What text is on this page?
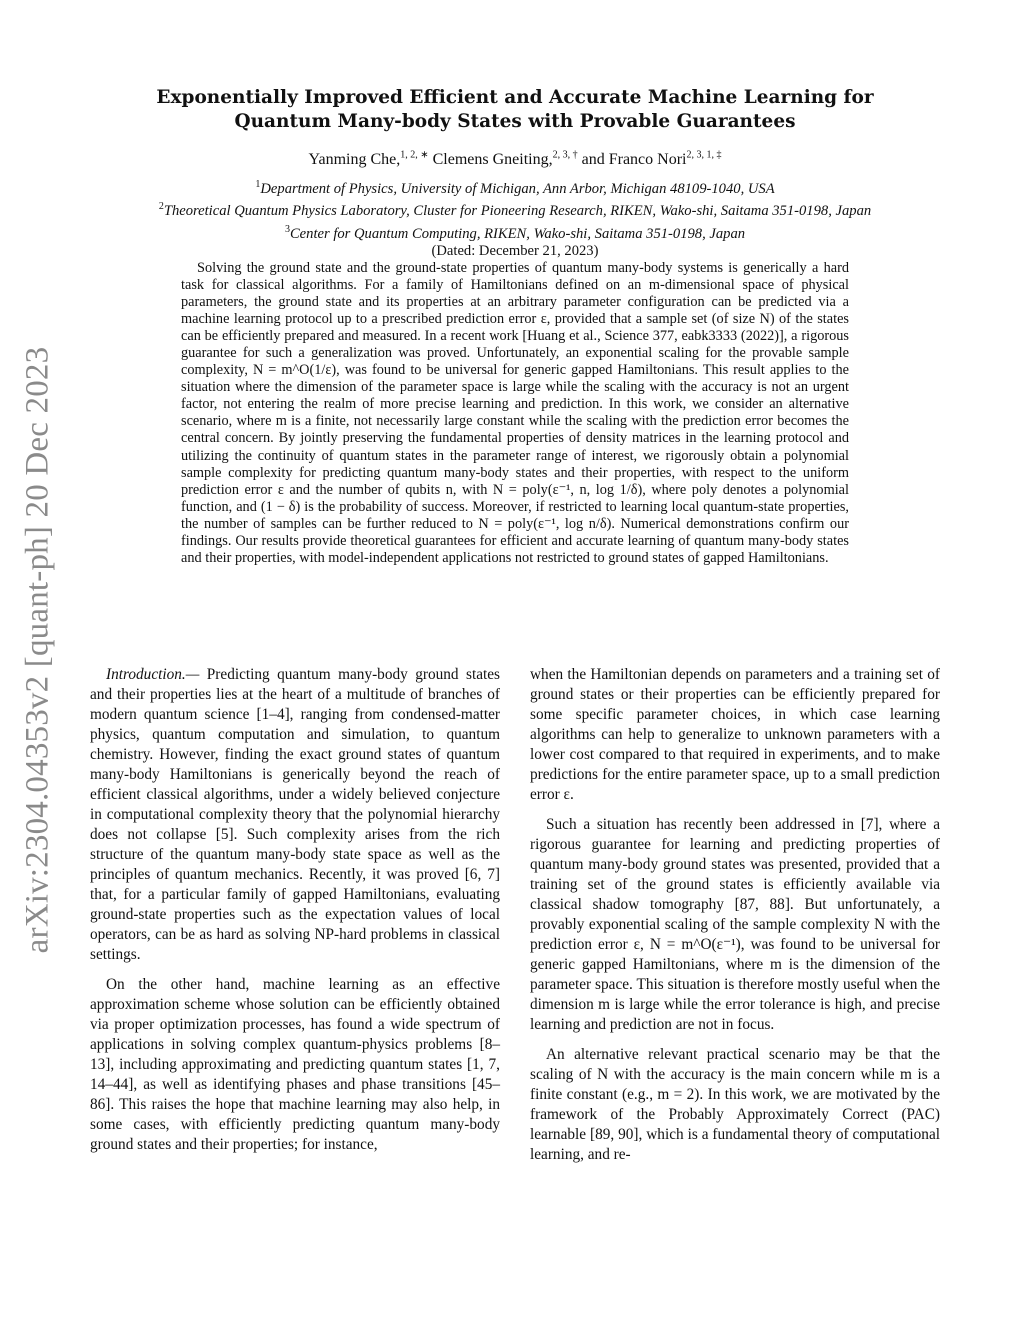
arXiv:2304.04353v2 [quant-ph] 20 Dec 2023
Exponentially Improved Efficient and Accurate Machine Learning for Quantum Many-body States with Provable Guarantees
Yanming Che,$^{1, 2, ∗}$ Clemens Gneiting,$^{2, 3, \dagger}$ and Franco Nori$^{2, 3, 1, \ddagger}$
$^1$Department of Physics, University of Michigan, Ann Arbor, Michigan 48109-1040, USA
$^2$Theoretical Quantum Physics Laboratory, Cluster for Pioneering Research, RIKEN, Wako-shi, Saitama 351-0198, Japan
$^3$Center for Quantum Computing, RIKEN, Wako-shi, Saitama 351-0198, Japan
(Dated: December 21, 2023)
Solving the ground state and the ground-state properties of quantum many-body systems is generically a hard task for classical algorithms. For a family of Hamiltonians defined on an m-dimensional space of physical parameters, the ground state and its properties at an arbitrary parameter configuration can be predicted via a machine learning protocol up to a prescribed prediction error ε, provided that a sample set (of size N) of the states can be efficiently prepared and measured. In a recent work [Huang et al., Science 377, eabk3333 (2022)], a rigorous guarantee for such a generalization was proved. Unfortunately, an exponential scaling for the provable sample complexity, N = m^O(1/ε), was found to be universal for generic gapped Hamiltonians. This result applies to the situation where the dimension of the parameter space is large while the scaling with the accuracy is not an urgent factor, not entering the realm of more precise learning and prediction. In this work, we consider an alternative scenario, where m is a finite, not necessarily large constant while the scaling with the prediction error becomes the central concern. By jointly preserving the fundamental properties of density matrices in the learning protocol and utilizing the continuity of quantum states in the parameter range of interest, we rigorously obtain a polynomial sample complexity for predicting quantum many-body states and their properties, with respect to the uniform prediction error ε and the number of qubits n, with N = poly(ε⁻¹, n, log 1/δ), where poly denotes a polynomial function, and (1 − δ) is the probability of success. Moreover, if restricted to learning local quantum-state properties, the number of samples can be further reduced to N = poly(ε⁻¹, log n/δ). Numerical demonstrations confirm our findings. Our results provide theoretical guarantees for efficient and accurate learning of quantum many-body states and their properties, with model-independent applications not restricted to ground states of gapped Hamiltonians.

Introduction.— Predicting quantum many-body ground states and their properties lies at the heart of a multitude of branches of modern quantum science [1–4], ranging from condensed-matter physics, quantum computation and simulation, to quantum chemistry. However, finding the exact ground states of quantum many-body Hamiltonians is generically beyond the reach of efficient classical algorithms, under a widely believed conjecture in computational complexity theory that the polynomial hierarchy does not collapse [5]. Such complexity arises from the rich structure of the quantum many-body state space as well as the principles of quantum mechanics. Recently, it was proved [6, 7] that, for a particular family of gapped Hamiltonians, evaluating ground-state properties such as the expectation values of local operators, can be as hard as solving NP-hard problems in classical settings.

On the other hand, machine learning as an effective approximation scheme whose solution can be efficiently obtained via proper optimization processes, has found a wide spectrum of applications in solving complex quantum-physics problems [8–13], including approximating and predicting quantum states [1, 7, 14–44], as well as identifying phases and phase transitions [45–86]. This raises the hope that machine learning may also help, in some cases, with efficiently predicting quantum many-body ground states and their properties; for instance,

when the Hamiltonian depends on parameters and a training set of ground states or their properties can be efficiently prepared for some specific parameter choices, in which case learning algorithms can help to generalize to unknown parameters with a lower cost compared to that required in experiments, and to make predictions for the entire parameter space, up to a small prediction error ε.

Such a situation has recently been addressed in [7], where a rigorous guarantee for learning and predicting properties of quantum many-body ground states was presented, provided that a training set of the ground states is efficiently available via classical shadow tomography [87, 88]. But unfortunately, a provably exponential scaling of the sample complexity N with the prediction error ε, N = m^O(ε⁻¹), was found to be universal for generic gapped Hamiltonians, where m is the dimension of the parameter space. This situation is therefore mostly useful when the dimension m is large while the error tolerance is high, and precise learning and prediction are not in focus.

An alternative relevant practical scenario may be that the scaling of N with the accuracy is the main concern while m is a finite constant (e.g., m = 2). In this work, we are motivated by the framework of the Probably Approximately Correct (PAC) learnable [89, 90], which is a fundamental theory of computational learning, and re-
